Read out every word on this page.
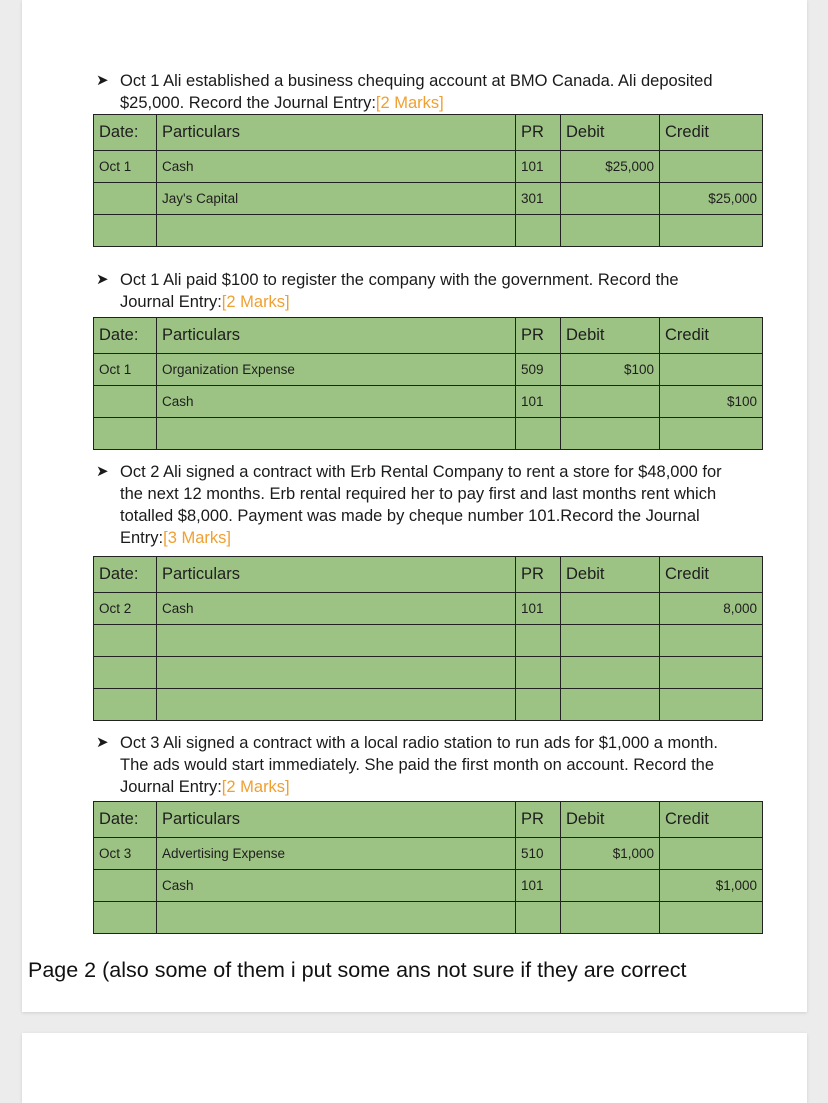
➤ Oct 1 Ali established a business chequing account at BMO Canada. Ali deposited $25,000. Record the Journal Entry:[2 Marks]
Date:	Particulars	PR	Debit	Credit
Oct 1	Cash	101	$25,000	
	Jay's Capital	301		$25,000

➤ Oct 1 Ali paid $100 to register the company with the government. Record the Journal Entry:[2 Marks]
Date:	Particulars	PR	Debit	Credit
Oct 1	Organization Expense	509	$100	
	Cash	101		$100

➤ Oct 2 Ali signed a contract with Erb Rental Company to rent a store for $48,000 for the next 12 months. Erb rental required her to pay first and last months rent which totalled $8,000. Payment was made by cheque number 101.Record the Journal Entry:[3 Marks]
Date:	Particulars	PR	Debit	Credit
Oct 2	Cash	101		8,000

➤ Oct 3 Ali signed a contract with a local radio station to run ads for $1,000 a month. The ads would start immediately. She paid the first month on account. Record the Journal Entry:[2 Marks]
Date:	Particulars	PR	Debit	Credit
Oct 3	Advertising Expense	510	$1,000	
	Cash	101		$1,000

Page 2 (also some of them i put some ans not sure if they are correct
